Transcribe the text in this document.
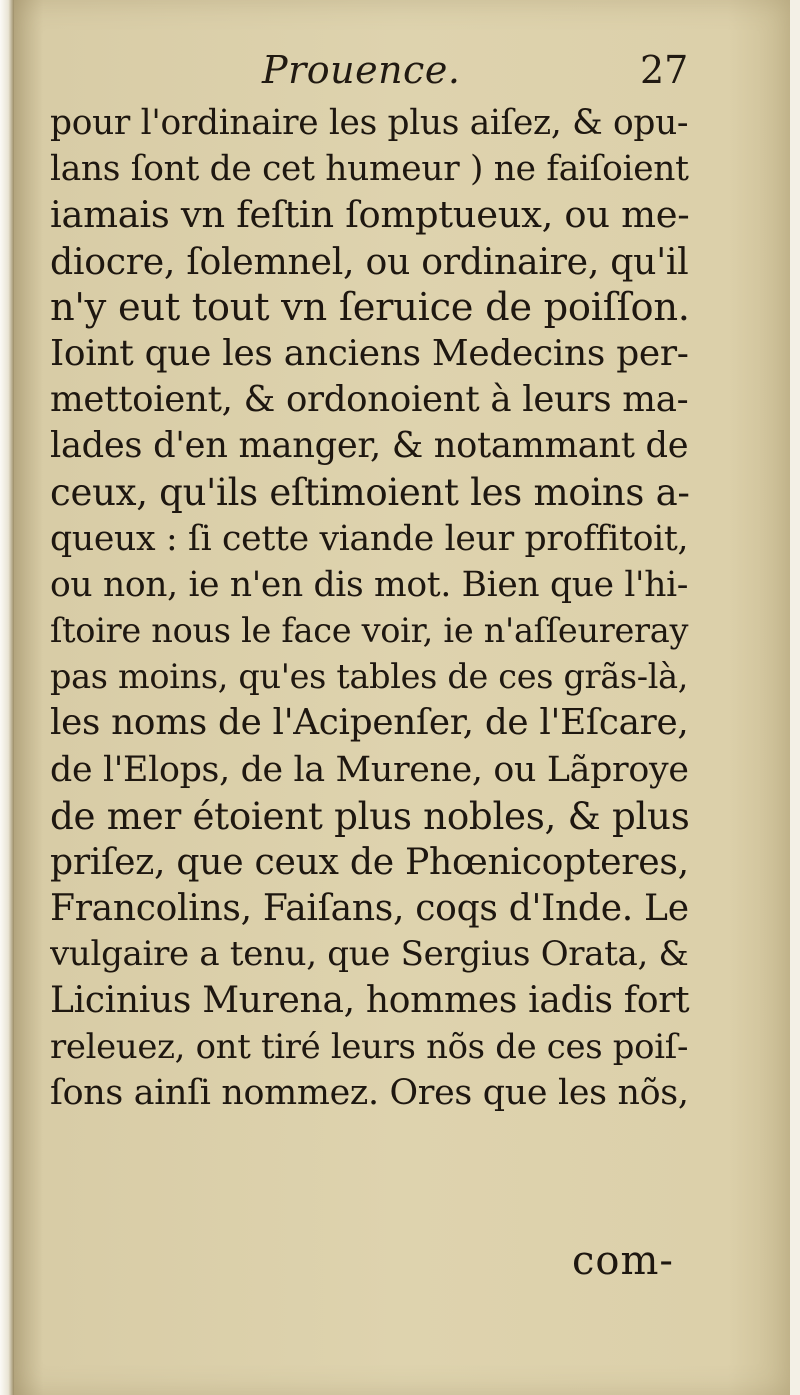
Prouence.	27
pour l'ordinaire les plus aiſez, & opu-
lans ſont de cet humeur ) ne faiſoient
iamais vn feſtin ſomptueux, ou me-
diocre, ſolemnel, ou ordinaire, qu'il
n'y eut tout vn ſeruice de poiſſon.
Ioint que les anciens Medecins per-
mettoient, & ordonoient à leurs ma-
lades d'en manger, & notammant de
ceux, qu'ils eſtimoient les moins a-
queux : ſi cette viande leur proffitoit,
ou non, ie n'en dis mot. Bien que l'hi-
ſtoire nous le face voir, ie n'aſſeureray
pas moins, qu'es tables de ces grãs-là,
les noms de l'Acipenſer, de l'Eſcare,
de l'Elops, de la Murene, ou Lãproye
de mer étoient plus nobles, & plus
priſez, que ceux de Phœnicopteres,
Francolins, Faiſans, coqs d'Inde. Le
vulgaire a tenu, que Sergius Orata, &
Licinius Murena, hommes iadis fort
releuez, ont tiré leurs nõs de ces poiſ-
ſons ainſi nommez. Ores que les nõs,
com-
